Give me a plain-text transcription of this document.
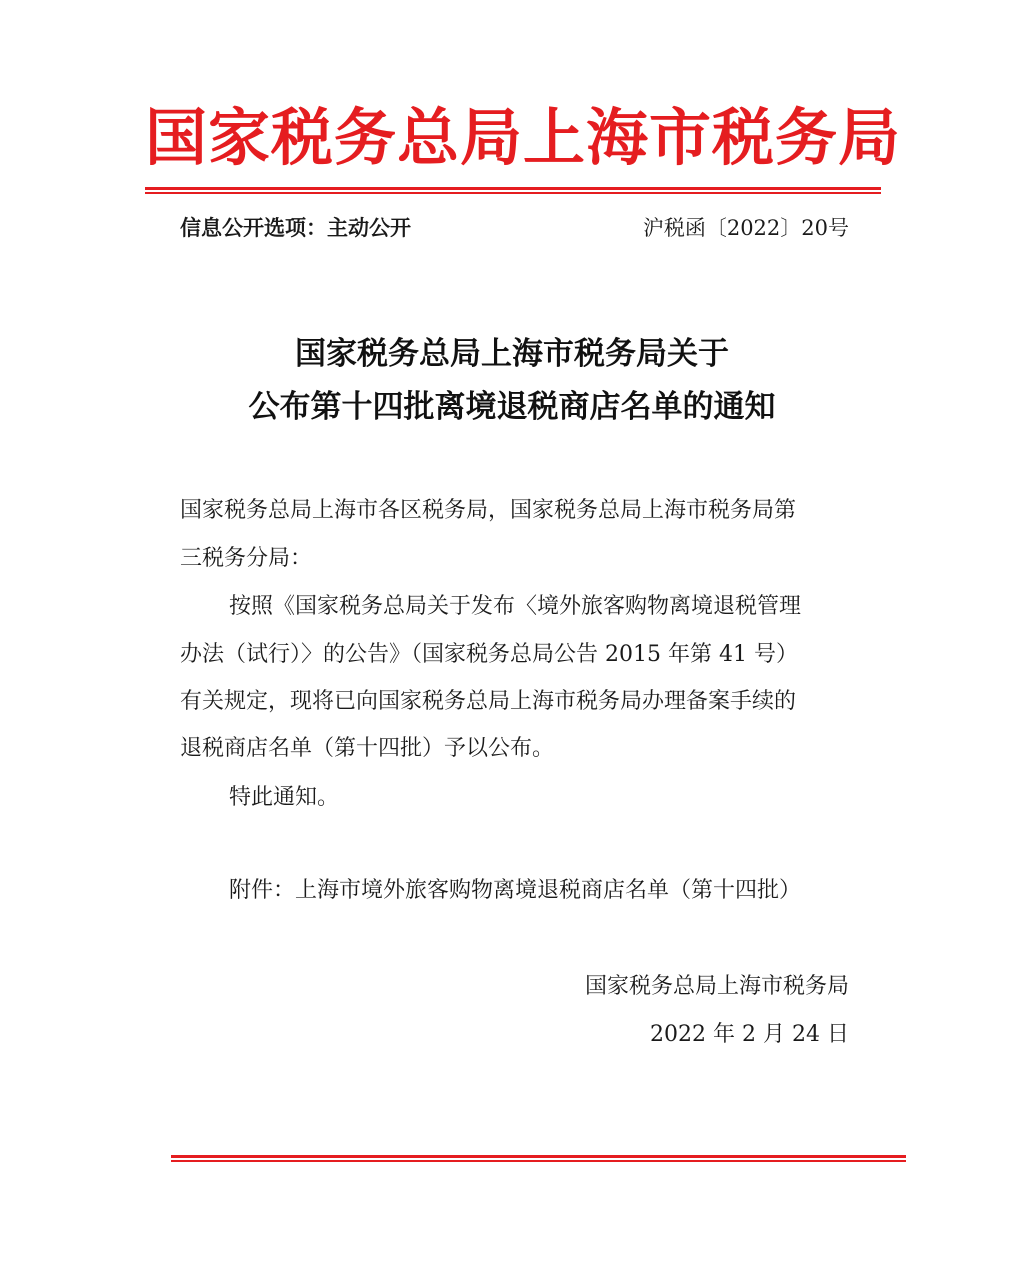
国家税务总局上海市税务局
信息公开选项：主动公开	沪税函〔2022〕20号
国家税务总局上海市税务局关于
公布第十四批离境退税商店名单的通知
国家税务总局上海市各区税务局，国家税务总局上海市税务局第
三税务分局：
按照《国家税务总局关于发布〈境外旅客购物离境退税管理
办法（试行）〉的公告》（国家税务总局公告 2015 年第 41 号）
有关规定，现将已向国家税务总局上海市税务局办理备案手续的
退税商店名单（第十四批）予以公布。
特此通知。
附件：上海市境外旅客购物离境退税商店名单（第十四批）
国家税务总局上海市税务局
2022 年 2 月 24 日
